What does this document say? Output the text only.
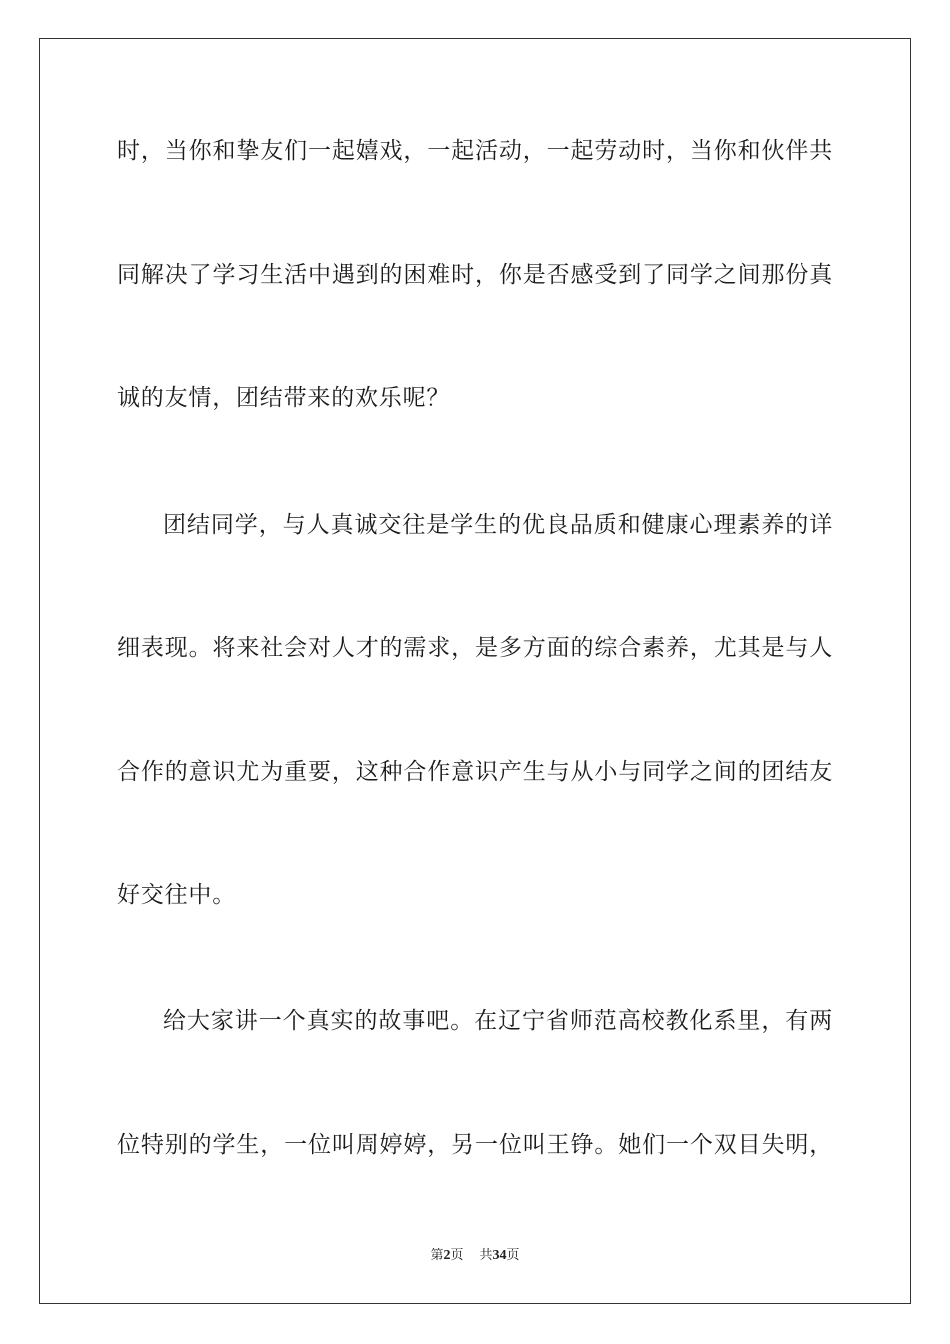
时，当你和挚友们一起嬉戏，一起活动，一起劳动时，当你和伙伴共
同解决了学习生活中遇到的困难时，你是否感受到了同学之间那份真
诚的友情，团结带来的欢乐呢？
团结同学，与人真诚交往是学生的优良品质和健康心理素养的详
细表现。将来社会对人才的需求，是多方面的综合素养，尤其是与人
合作的意识尤为重要，这种合作意识产生与从小与同学之间的团结友
好交往中。
给大家讲一个真实的故事吧。在辽宁省师范高校教化系里，有两
位特别的学生，一位叫周婷婷，另一位叫王铮。她们一个双目失明，
第2页 共34页
